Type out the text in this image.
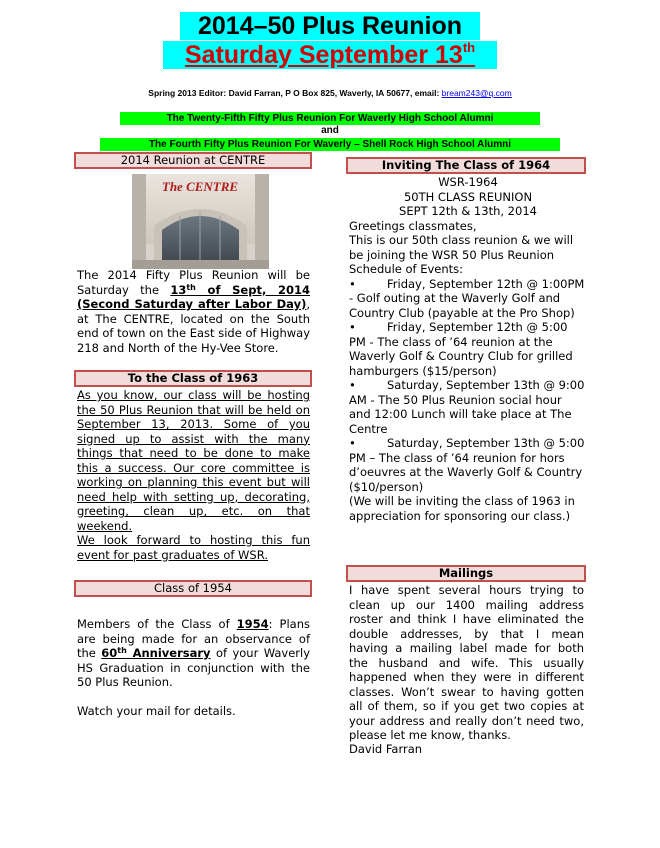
2014–50 Plus Reunion
Saturday September 13th
Spring 2013 Editor: David Farran, P O Box 825, Waverly, IA 50677, email: bream243@q.com
The Twenty-Fifth Fifty Plus Reunion For Waverly High School Alumni
and
The Fourth Fifty Plus Reunion For Waverly – Shell Rock High School Alumni
2014 Reunion at CENTRE
The CENTRE
The 2014 Fifty Plus Reunion will be Saturday the 13th of Sept, 2014 (Second Saturday after Labor Day), at The CENTRE, located on the South end of town on the East side of Highway 218 and North of the Hy-Vee Store.
To the Class of 1963
As you know, our class will be hosting the 50 Plus Reunion that will be held on September 13, 2013. Some of you signed up to assist with the many things that need to be done to make this a success. Our core committee is working on planning this event but will need help with setting up, decorating, greeting, clean up, etc. on that weekend.
We look forward to hosting this fun event for past graduates of WSR.
Class of 1954
Members of the Class of 1954: Plans are being made for an observance of the 60th Anniversary of your Waverly HS Graduation in conjunction with the 50 Plus Reunion.
Watch your mail for details.
Inviting The Class of 1964
WSR-1964
50TH CLASS REUNION
SEPT 12th & 13th, 2014
Greetings classmates,
This is our 50th class reunion & we will be joining the WSR 50 Plus Reunion
Schedule of Events:
•	Friday, September 12th @ 1:00PM - Golf outing at the Waverly Golf and Country Club (payable at the Pro Shop)
•	Friday, September 12th @ 5:00 PM - The class of ’64 reunion at the Waverly Golf & Country Club for grilled hamburgers ($15/person)
•	Saturday, September 13th @ 9:00 AM - The 50 Plus Reunion social hour and 12:00 Lunch will take place at The Centre
•	Saturday, September 13th @ 5:00 PM – The class of ’64 reunion for hors d’oeuvres at the Waverly Golf & Country ($10/person)
(We will be inviting the class of 1963 in appreciation for sponsoring our class.)
Mailings
I have spent several hours trying to clean up our 1400 mailing address roster and think I have eliminated the double addresses, by that I mean having a mailing label made for both the husband and wife. This usually happened when they were in different classes. Won’t swear to having gotten all of them, so if you get two copies at your address and really don’t need two, please let me know, thanks.
David Farran
